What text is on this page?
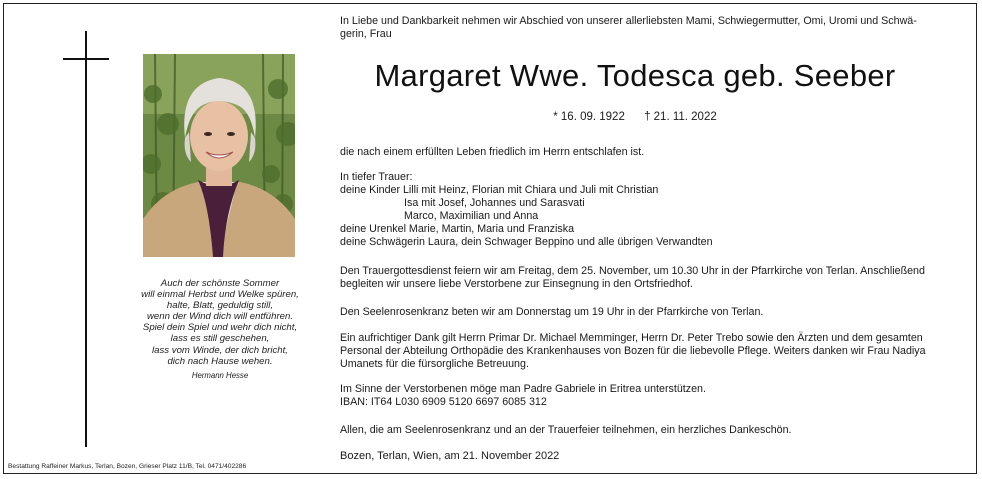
Auch der schönste Sommer
will einmal Herbst und Welke spüren,
halte, Blatt, geduldig still,
wenn der Wind dich will entführen.
Spiel dein Spiel und wehr dich nicht,
lass es still geschehen,
lass vom Winde, der dich bricht,
dich nach Hause wehen.
Hermann Hesse
Bestattung Raffeiner Markus, Terlan, Bozen, Grieser Platz 11/B, Tel. 0471/402286
In Liebe und Dankbarkeit nehmen wir Abschied von unserer allerliebsten Mami, Schwiegermutter, Omi, Uromi und Schwä- gerin, Frau
Margaret Wwe. Todesca geb. Seeber
* 16. 09. 1922 † 21. 11. 2022
die nach einem erfüllten Leben friedlich im Herrn entschlafen ist.
In tiefer Trauer:
deine Kinder Lilli mit Heinz, Florian mit Chiara und Juli mit Christian
Isa mit Josef, Johannes und Sarasvati
Marco, Maximilian und Anna
deine Urenkel Marie, Martin, Maria und Franziska
deine Schwägerin Laura, dein Schwager Beppino und alle übrigen Verwandten
Den Trauergottesdienst feiern wir am Freitag, dem 25. November, um 10.30 Uhr in der Pfarrkirche von Terlan. Anschließend begleiten wir unsere liebe Verstorbene zur Einsegnung in den Ortsfriedhof.
Den Seelenrosenkranz beten wir am Donnerstag um 19 Uhr in der Pfarrkirche von Terlan.
Ein aufrichtiger Dank gilt Herrn Primar Dr. Michael Memminger, Herrn Dr. Peter Trebo sowie den Ärzten und dem gesamten Personal der Abteilung Orthopädie des Krankenhauses von Bozen für die liebevolle Pflege. Weiters danken wir Frau Nadiya Umanets für die fürsorgliche Betreuung.
Im Sinne der Verstorbenen möge man Padre Gabriele in Eritrea unterstützen.
IBAN: IT64 L030 6909 5120 6697 6085 312
Allen, die am Seelenrosenkranz und an der Trauerfeier teilnehmen, ein herzliches Dankeschön.
Bozen, Terlan, Wien, am 21. November 2022
